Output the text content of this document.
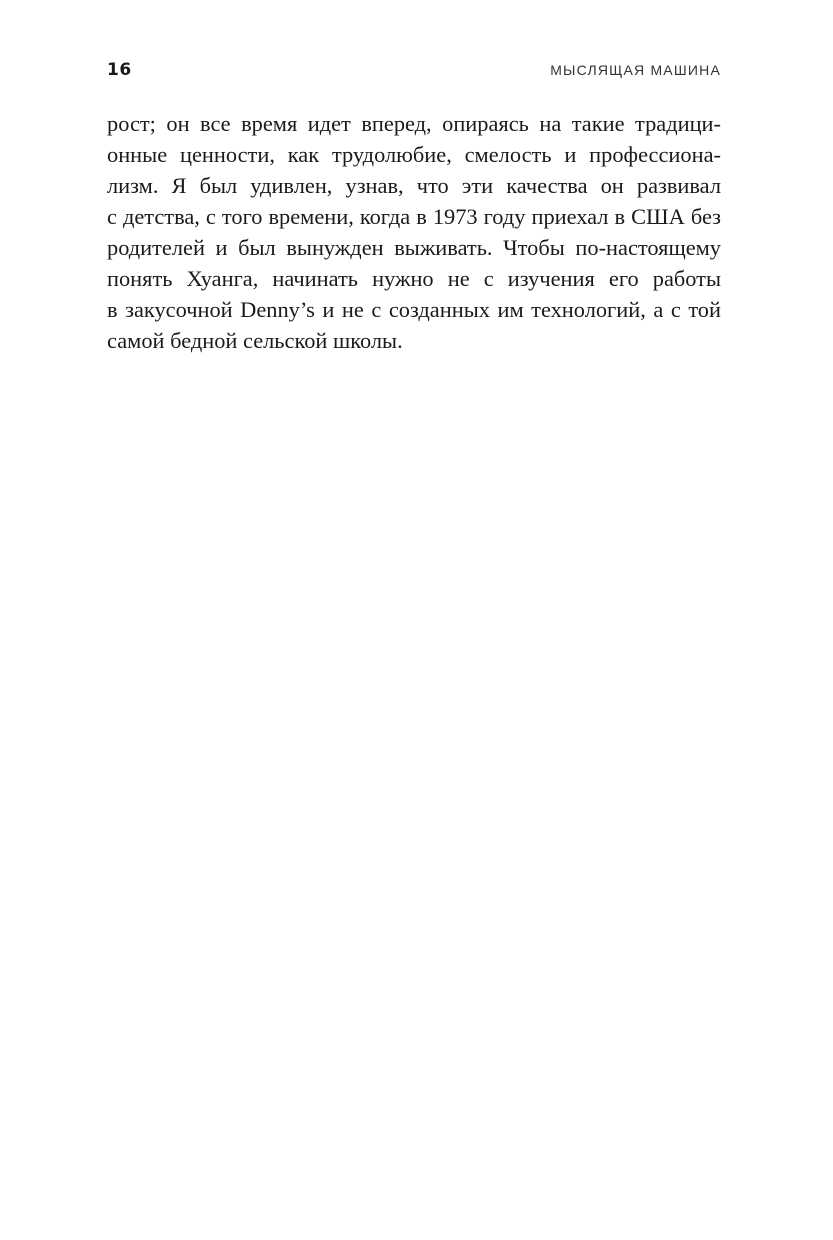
16	МЫСЛЯЩАЯ МАШИНА
рост; он все время идет вперед, опираясь на такие традици-
онные ценности, как трудолюбие, смелость и профессиона-
лизм. Я был удивлен, узнав, что эти качества он развивал
с детства, с того времени, когда в 1973 году приехал в США без
родителей и был вынужден выживать. Чтобы по-настоящему
понять Хуанга, начинать нужно не с изучения его работы
в закусочной Denny’s и не с созданных им технологий, а с той
самой бедной сельской школы.
